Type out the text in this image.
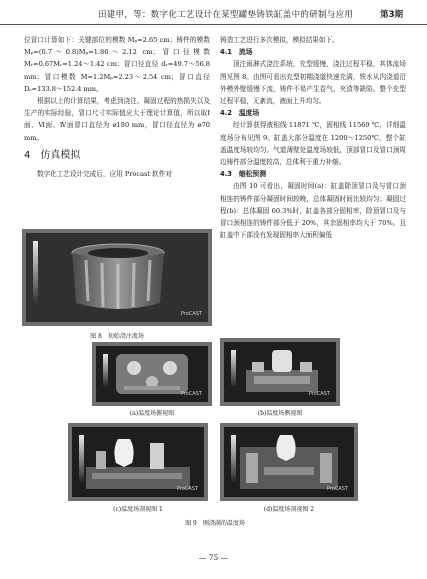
田建甲，等：数字化工艺设计在某型罐垫铸铁缸盖中的研制与应用	第3期

位冒口计算如下：关键部位的模数 Mₚ=2.65 cm；铸件的模数 Mₚ=(0.7～0.8)Mₚ=1.86～2.12 cm；冒口径模数 Mᵣ=0.67Mᵣ=1.24～1.42 cm；冒口径直径 dᵣ=49.7～56.8 mm；冒口模数 M=1.2Mₚ=2.23～2.54 cm；冒口直径 Dᵣ=133.8～152.4 mm。

根据以上的计算结果，考虑到浇注、凝固过程的热损失以及生产的实际经验，冒口尺寸实际值应大于理论计算值，所以取Ⅰ面、Ⅵ面、Ⅳ面冒口直径为 ø180 mm，冒口径直径为 ø70 mm。

4　仿真模拟

数字化工艺设计完成后，应用 Procast 软件对

铸造工艺进行多次模拟，模拟结果如下。

4.1　流场

顶注雨淋式浇注系统，充型缓慢，浇注过程平稳，其体流场图见图 8。由图可看出充型初期浇道快速充满，铁水从内浇道沿外模外壁缓慢下流，铸件不易产生卷气、夹渣等缺陷。整个充型过程平稳，无紊流，液面上升均匀。

4.2　温度场

经计算获得液相线 11871 ℃，固相线 11569 ℃，详细温度场分布见图 9。缸盖大部分温度在 1200～1250℃，整个缸盖温度场较均匀。气道薄壁处温度场较低，顶部冒口及冒口颈周边铸件部分温度较高，总体利于重力补缩。

4.3　缩松预测

由图 10 可看出，凝固时间(a)：缸盖除顶冒口及与冒口颈相连的铸件部分凝固时间较晚，总体凝固时间比较均匀；凝固过程(b)：总体凝固 60.3%时，缸盖各部分固相率，除顶冒口及与冒口颈相连的铸件部分低于 20%，其余固相率均大于 70%。且缸盖中下部没有发现固相率大面积偏低

ProCAST
图 8　初始浇注流场
ProCAST
(a)温度场俯视图
ProCAST
(b)温度场侧视图
ProCAST
(c)温度场剖视图 1
ProCAST
(d)温度场剖视图 2
图 9　刚浇满的温度场
— 75 —
